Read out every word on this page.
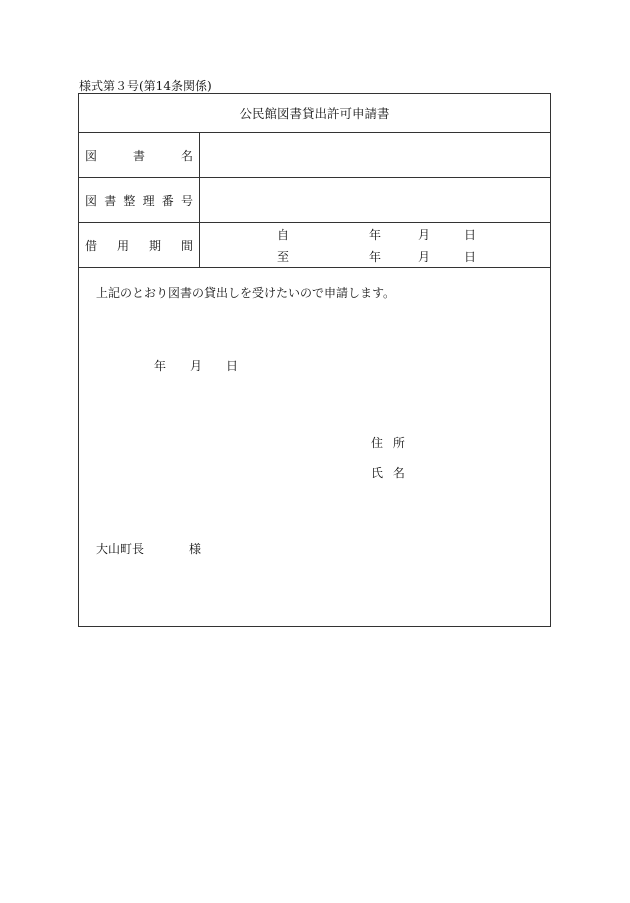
様式第３号(第14条関係)
公民館図書貸出許可申請書
図	書	名
図 書 整 理 番 号
借 用 期 間
自	年	月	日
至	年	月	日
上記のとおり図書の貸出しを受けたいので申請します。
年 月 日
住 所
氏 名
大山町長	様
